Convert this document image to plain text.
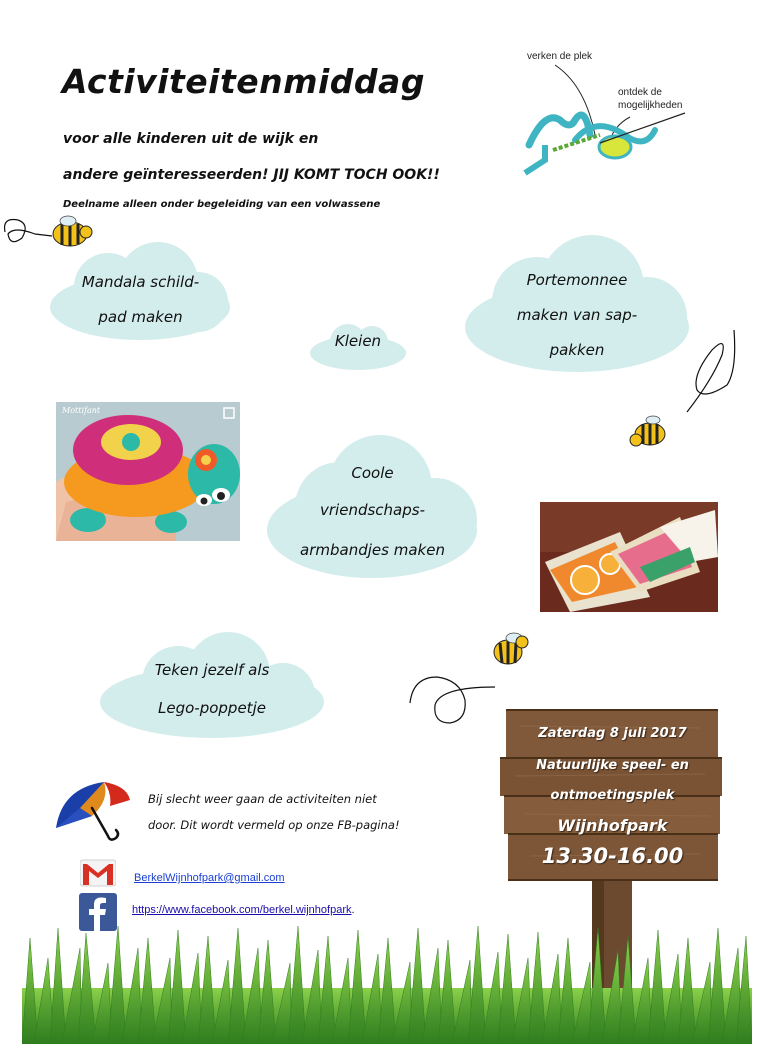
Activiteitenmiddag
voor alle kinderen uit de wijk en
andere geïnteresseerden! JIJ KOMT TOCH OOK!!
Deelname alleen onder begeleiding van een volwassene
verken de plek
ontdek de
mogelijkheden
Mandala schild-
pad maken
Kleien
Portemonnee
maken van sap-
pakken
Coole
vriendschaps-
armbandjes maken
Teken jezelf als
Lego-poppetje
Mottifant
Bij slecht weer gaan de activiteiten niet
door. Dit wordt vermeld op onze FB-pagina!
BerkelWijnhofpark@gmail.com
https://www.facebook.com/berkel.wijnhofpark.
Zaterdag 8 juli 2017
Natuurlijke speel- en
ontmoetingsplek
Wijnhofpark
13.30-16.00
